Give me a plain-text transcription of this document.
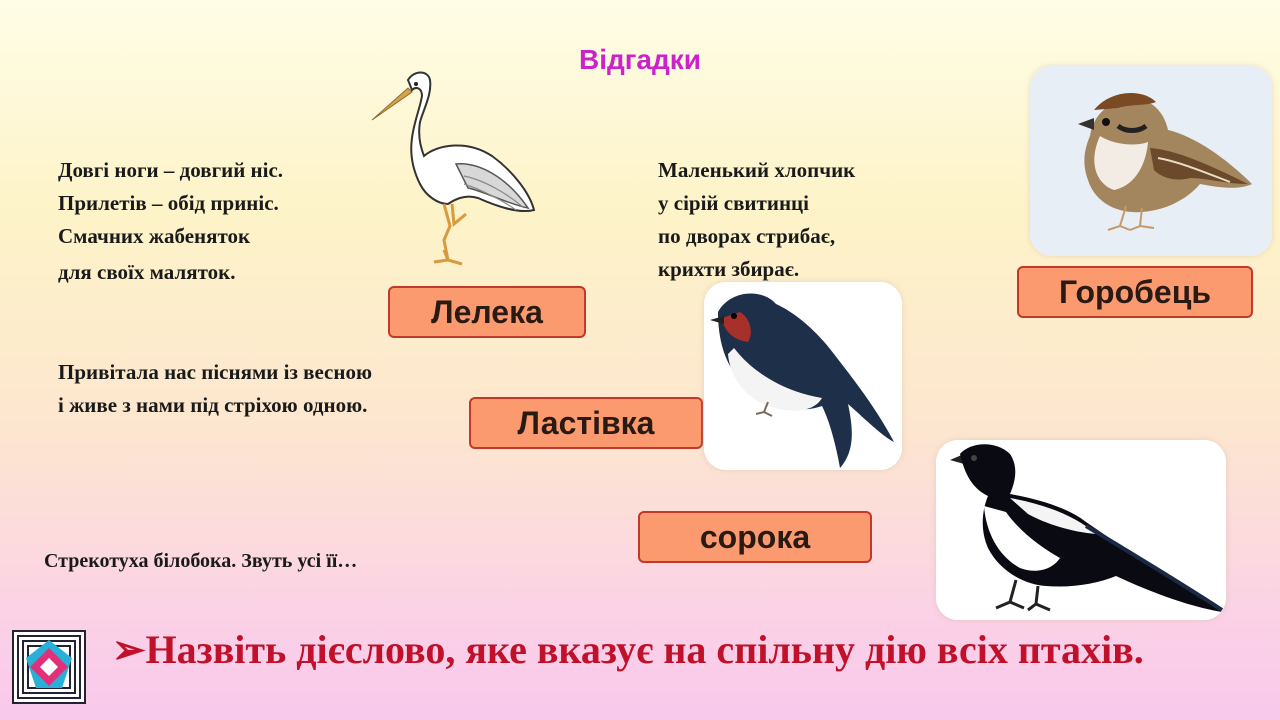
Відгадки
Довгі ноги – довгий ніс.
Прилетів – обід приніс.
Смачних жабеняток
для своїх маляток.
Маленький хлопчик
у сірій свитинці
по дворах стрибає,
крихти збирає.
Привітала нас піснями із весною
і живе з нами під стріхою одною.
Стрекотуха білобока. Звуть усі її…
Лелека
Горобець
Ластівка
сорока
➢Назвіть дієслово, яке вказує на спільну дію всіх птахів.
